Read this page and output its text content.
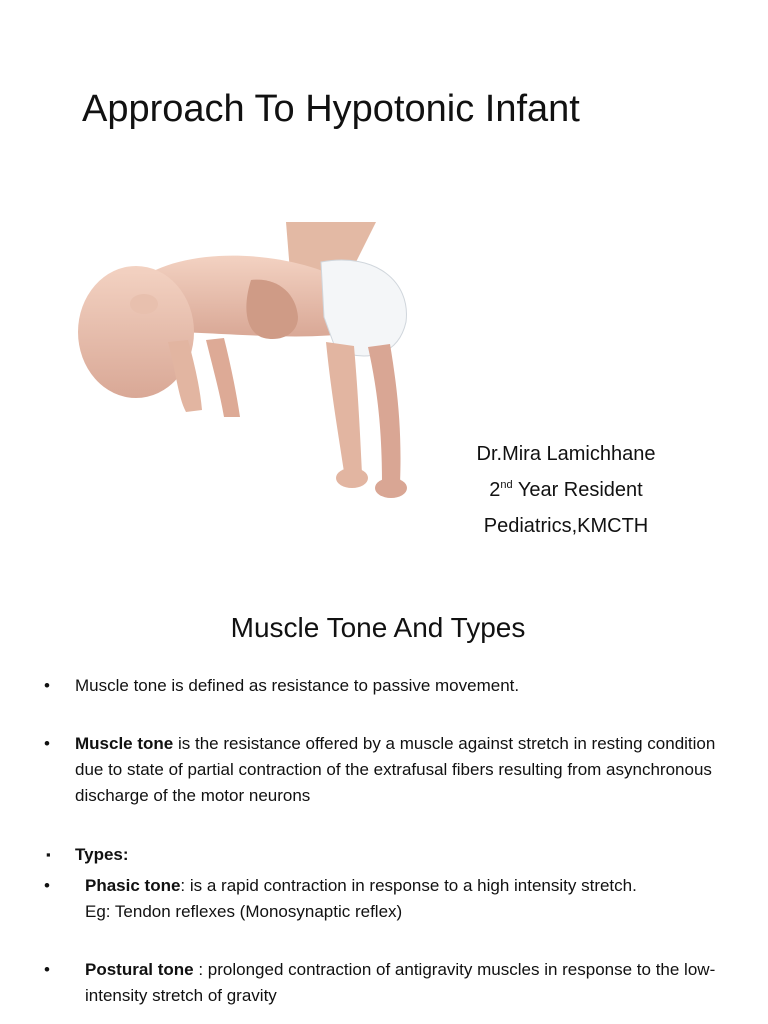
Approach To Hypotonic Infant
Dr.Mira Lamichhane
2nd Year Resident
Pediatrics,KMCTH
Muscle Tone And Types
• Muscle tone is defined as resistance to passive movement.
• Muscle tone is the resistance offered by a muscle against stretch in resting condition due to state of partial contraction of the extrafusal fibers resulting from asynchronous discharge of the motor neurons
▪ Types:
• Phasic tone: is a rapid contraction in response to a high intensity stretch.
Eg: Tendon reflexes (Monosynaptic reflex)
• Postural tone : prolonged contraction of antigravity muscles in response to the low-intensity stretch of gravity
